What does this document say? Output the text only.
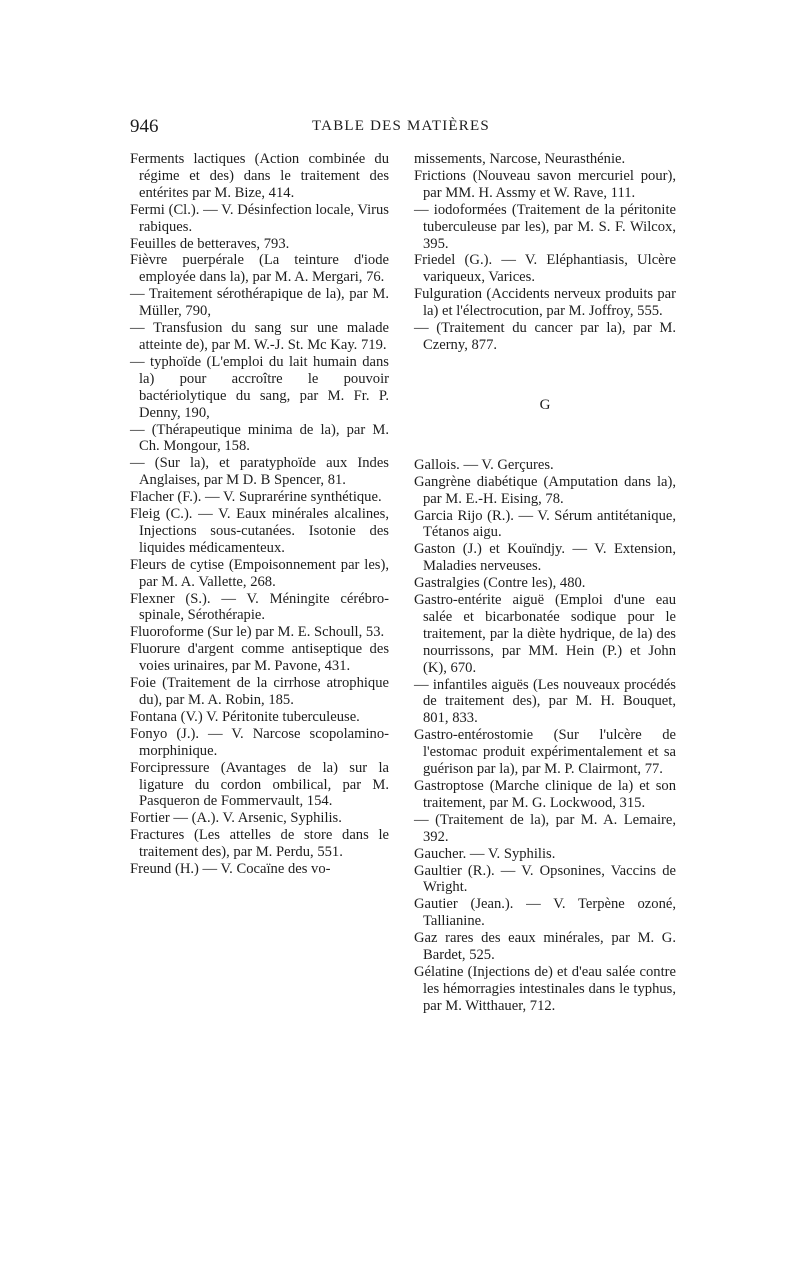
946	TABLE DES MATIÈRES
Ferments lactiques (Action combinée du régime et des) dans le traitement des entérites par M. Bize, 414.
Fermi (Cl.). — V. Désinfection locale, Virus rabiques.
Feuilles de betteraves, 793.
Fièvre puerpérale (La teinture d'iode employée dans la), par M. A. Mergari, 76.
— Traitement sérothérapique de la), par M. Müller, 790,
— Transfusion du sang sur une malade atteinte de), par M. W.-J. St. Mc Kay. 719.
— typhoïde (L'emploi du lait humain dans la) pour accroître le pouvoir bactériolytique du sang, par M. Fr. P. Denny, 190,
— (Thérapeutique minima de la), par M. Ch. Mongour, 158.
— (Sur la), et paratyphoïde aux Indes Anglaises, par M D. B Spencer, 81.
Flacher (F.). — V. Suprarérine synthétique.
Fleig (C.). — V. Eaux minérales alcalines, Injections sous-cutanées. Isotonie des liquides médicamenteux.
Fleurs de cytise (Empoisonnement par les), par M. A. Vallette, 268.
Flexner (S.). — V. Méningite cérébro-spinale, Sérothérapie.
Fluoroforme (Sur le) par M. E. Schoull, 53.
Fluorure d'argent comme antiseptique des voies urinaires, par M. Pavone, 431.
Foie (Traitement de la cirrhose atrophique du), par M. A. Robin, 185.
Fontana (V.) V. Péritonite tuberculeuse.
Fonyo (J.). — V. Narcose scopolamino-morphinique.
Forcipressure (Avantages de la) sur la ligature du cordon ombilical, par M. Pasqueron de Fommervault, 154.
Fortier — (A.). V. Arsenic, Syphilis.
Fractures (Les attelles de store dans le traitement des), par M. Perdu, 551.
Freund (H.) — V. Cocaïne des vo-
missements, Narcose, Neurasthénie.
Frictions (Nouveau savon mercuriel pour), par MM. H. Assmy et W. Rave, 111.
— iodoformées (Traitement de la péritonite tuberculeuse par les), par M. S. F. Wilcox, 395.
Friedel (G.). — V. Eléphantiasis, Ulcère variqueux, Varices.
Fulguration (Accidents nerveux produits par la) et l'électrocution, par M. Joffroy, 555.
— (Traitement du cancer par la), par M. Czerny, 877.
G
Gallois. — V. Gerçures.
Gangrène diabétique (Amputation dans la), par M. E.-H. Eising, 78.
Garcia Rijo (R.). — V. Sérum antitétanique, Tétanos aigu.
Gaston (J.) et Kouïndjy. — V. Extension, Maladies nerveuses.
Gastralgies (Contre les), 480.
Gastro-entérite aiguë (Emploi d'une eau salée et bicarbonatée sodique pour le traitement, par la diète hydrique, de la) des nourrissons, par MM. Hein (P.) et John (K), 670.
— infantiles aiguës (Les nouveaux procédés de traitement des), par M. H. Bouquet, 801, 833.
Gastro-entérostomie (Sur l'ulcère de l'estomac produit expérimentalement et sa guérison par la), par M. P. Clairmont, 77.
Gastroptose (Marche clinique de la) et son traitement, par M. G. Lockwood, 315.
— (Traitement de la), par M. A. Lemaire, 392.
Gaucher. — V. Syphilis.
Gaultier (R.). — V. Opsonines, Vaccins de Wright.
Gautier (Jean.). — V. Terpène ozoné, Tallianine.
Gaz rares des eaux minérales, par M. G. Bardet, 525.
Gélatine (Injections de) et d'eau salée contre les hémorragies intestinales dans le typhus, par M. Witthauer, 712.
